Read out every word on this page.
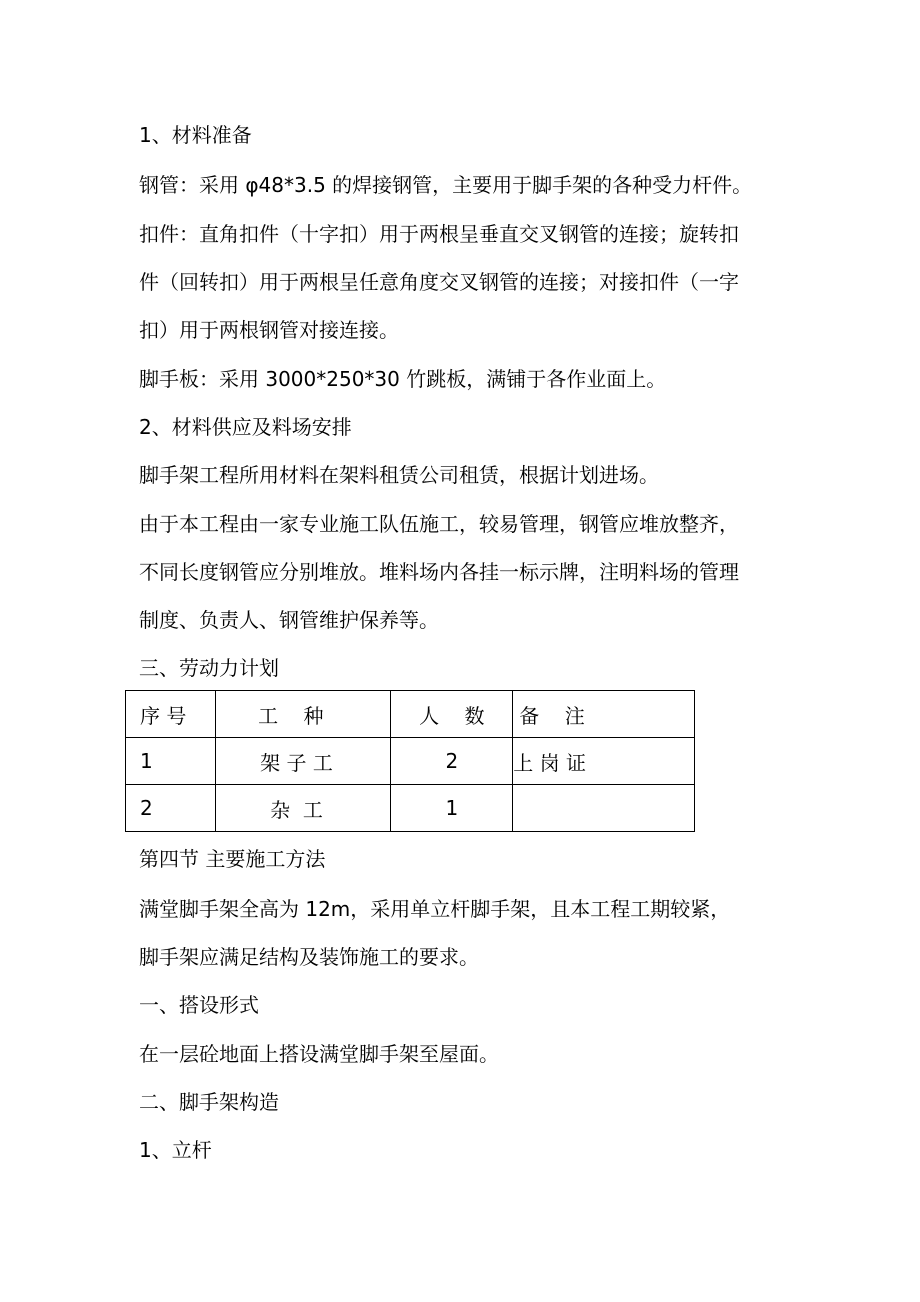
1、材料准备
钢管：采用 φ48*3.5 的焊接钢管，主要用于脚手架的各种受力杆件。
扣件：直角扣件（十字扣）用于两根呈垂直交叉钢管的连接；旋转扣
件（回转扣）用于两根呈任意角度交叉钢管的连接；对接扣件（一字
扣）用于两根钢管对接连接。
脚手板：采用 3000*250*30 竹跳板，满铺于各作业面上。
2、材料供应及料场安排
脚手架工程所用材料在架料租赁公司租赁，根据计划进场。
由于本工程由一家专业施工队伍施工，较易管理，钢管应堆放整齐，
不同长度钢管应分别堆放。堆料场内各挂一标示牌，注明料场的管理
制度、负责人、钢管维护保养等。
三、劳动力计划
序 号	工    种	人    数	备    注
1	架 子 工	2	上 岗 证
2	杂  工	1	
第四节 主要施工方法
满堂脚手架全高为 12m，采用单立杆脚手架，且本工程工期较紧，
脚手架应满足结构及装饰施工的要求。
一、搭设形式
在一层砼地面上搭设满堂脚手架至屋面。
二、脚手架构造
1、立杆
